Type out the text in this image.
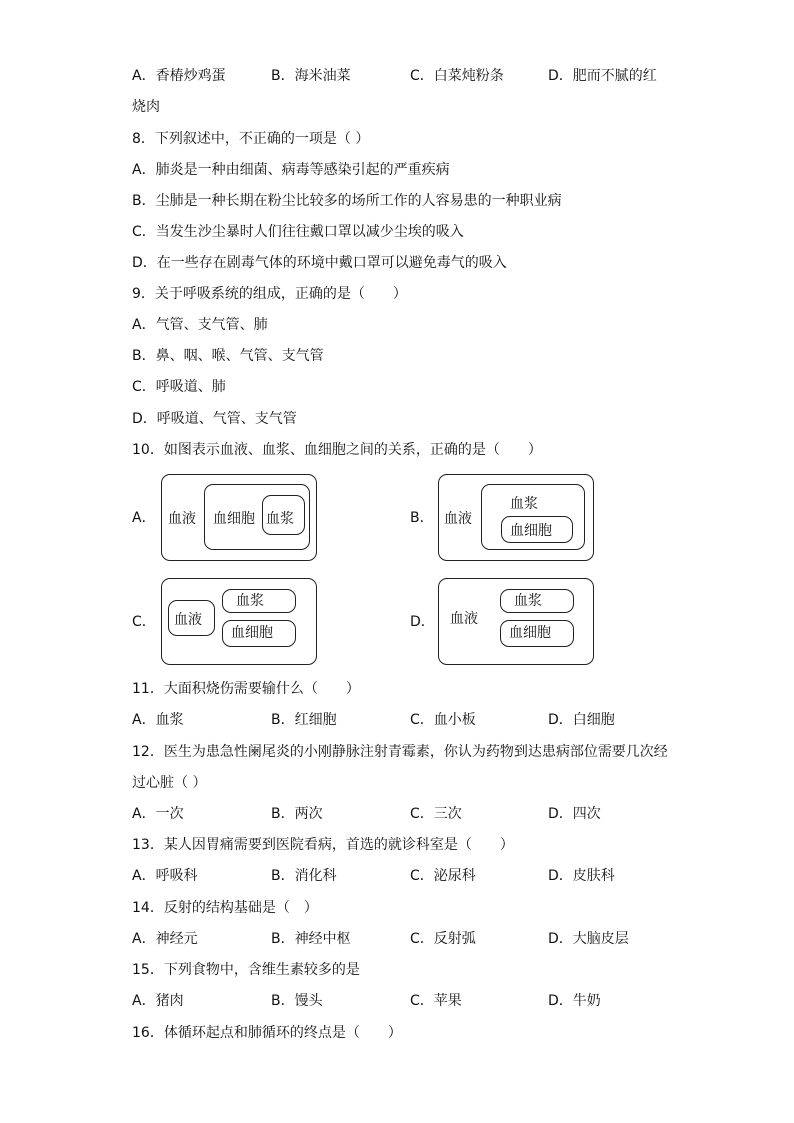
A．香椿炒鸡蛋	B．海米油菜	C．白菜炖粉条	D．肥而不腻的红
烧肉
8．下列叙述中，不正确的一项是（ ）
A．肺炎是一种由细菌、病毒等感染引起的严重疾病
B．尘肺是一种长期在粉尘比较多的场所工作的人容易患的一种职业病
C．当发生沙尘暴时人们往往戴口罩以减少尘埃的吸入
D．在一些存在剧毒气体的环境中戴口罩可以避免毒气的吸入
9．关于呼吸系统的组成，正确的是（　　）
A．气管、支气管、肺
B．鼻、咽、喉、气管、支气管
C．呼吸道、肺
D．呼吸道、气管、支气管
10．如图表示血液、血浆、血细胞之间的关系，正确的是（　　）
A． 血液 血细胞 血浆	B． 血液
血浆
血细胞
C． 血液
血浆
血细胞
D． 血液
血浆
血细胞
11．大面积烧伤需要输什么（　　）
A．血浆	B．红细胞	C．血小板	D．白细胞
12．医生为患急性阑尾炎的小刚静脉注射青霉素，你认为药物到达患病部位需要几次经
过心脏（ ）
A．一次	B．两次	C．三次	D．四次
13．某人因胃痛需要到医院看病，首选的就诊科室是（　　）
A．呼吸科	B．消化科	C．泌尿科	D．皮肤科
14．反射的结构基础是（　）
A．神经元	B．神经中枢	C．反射弧	D．大脑皮层
15．下列食物中，含维生素较多的是
A．猪肉	B．馒头	C．苹果	D．牛奶
16．体循环起点和肺循环的终点是（　　）
